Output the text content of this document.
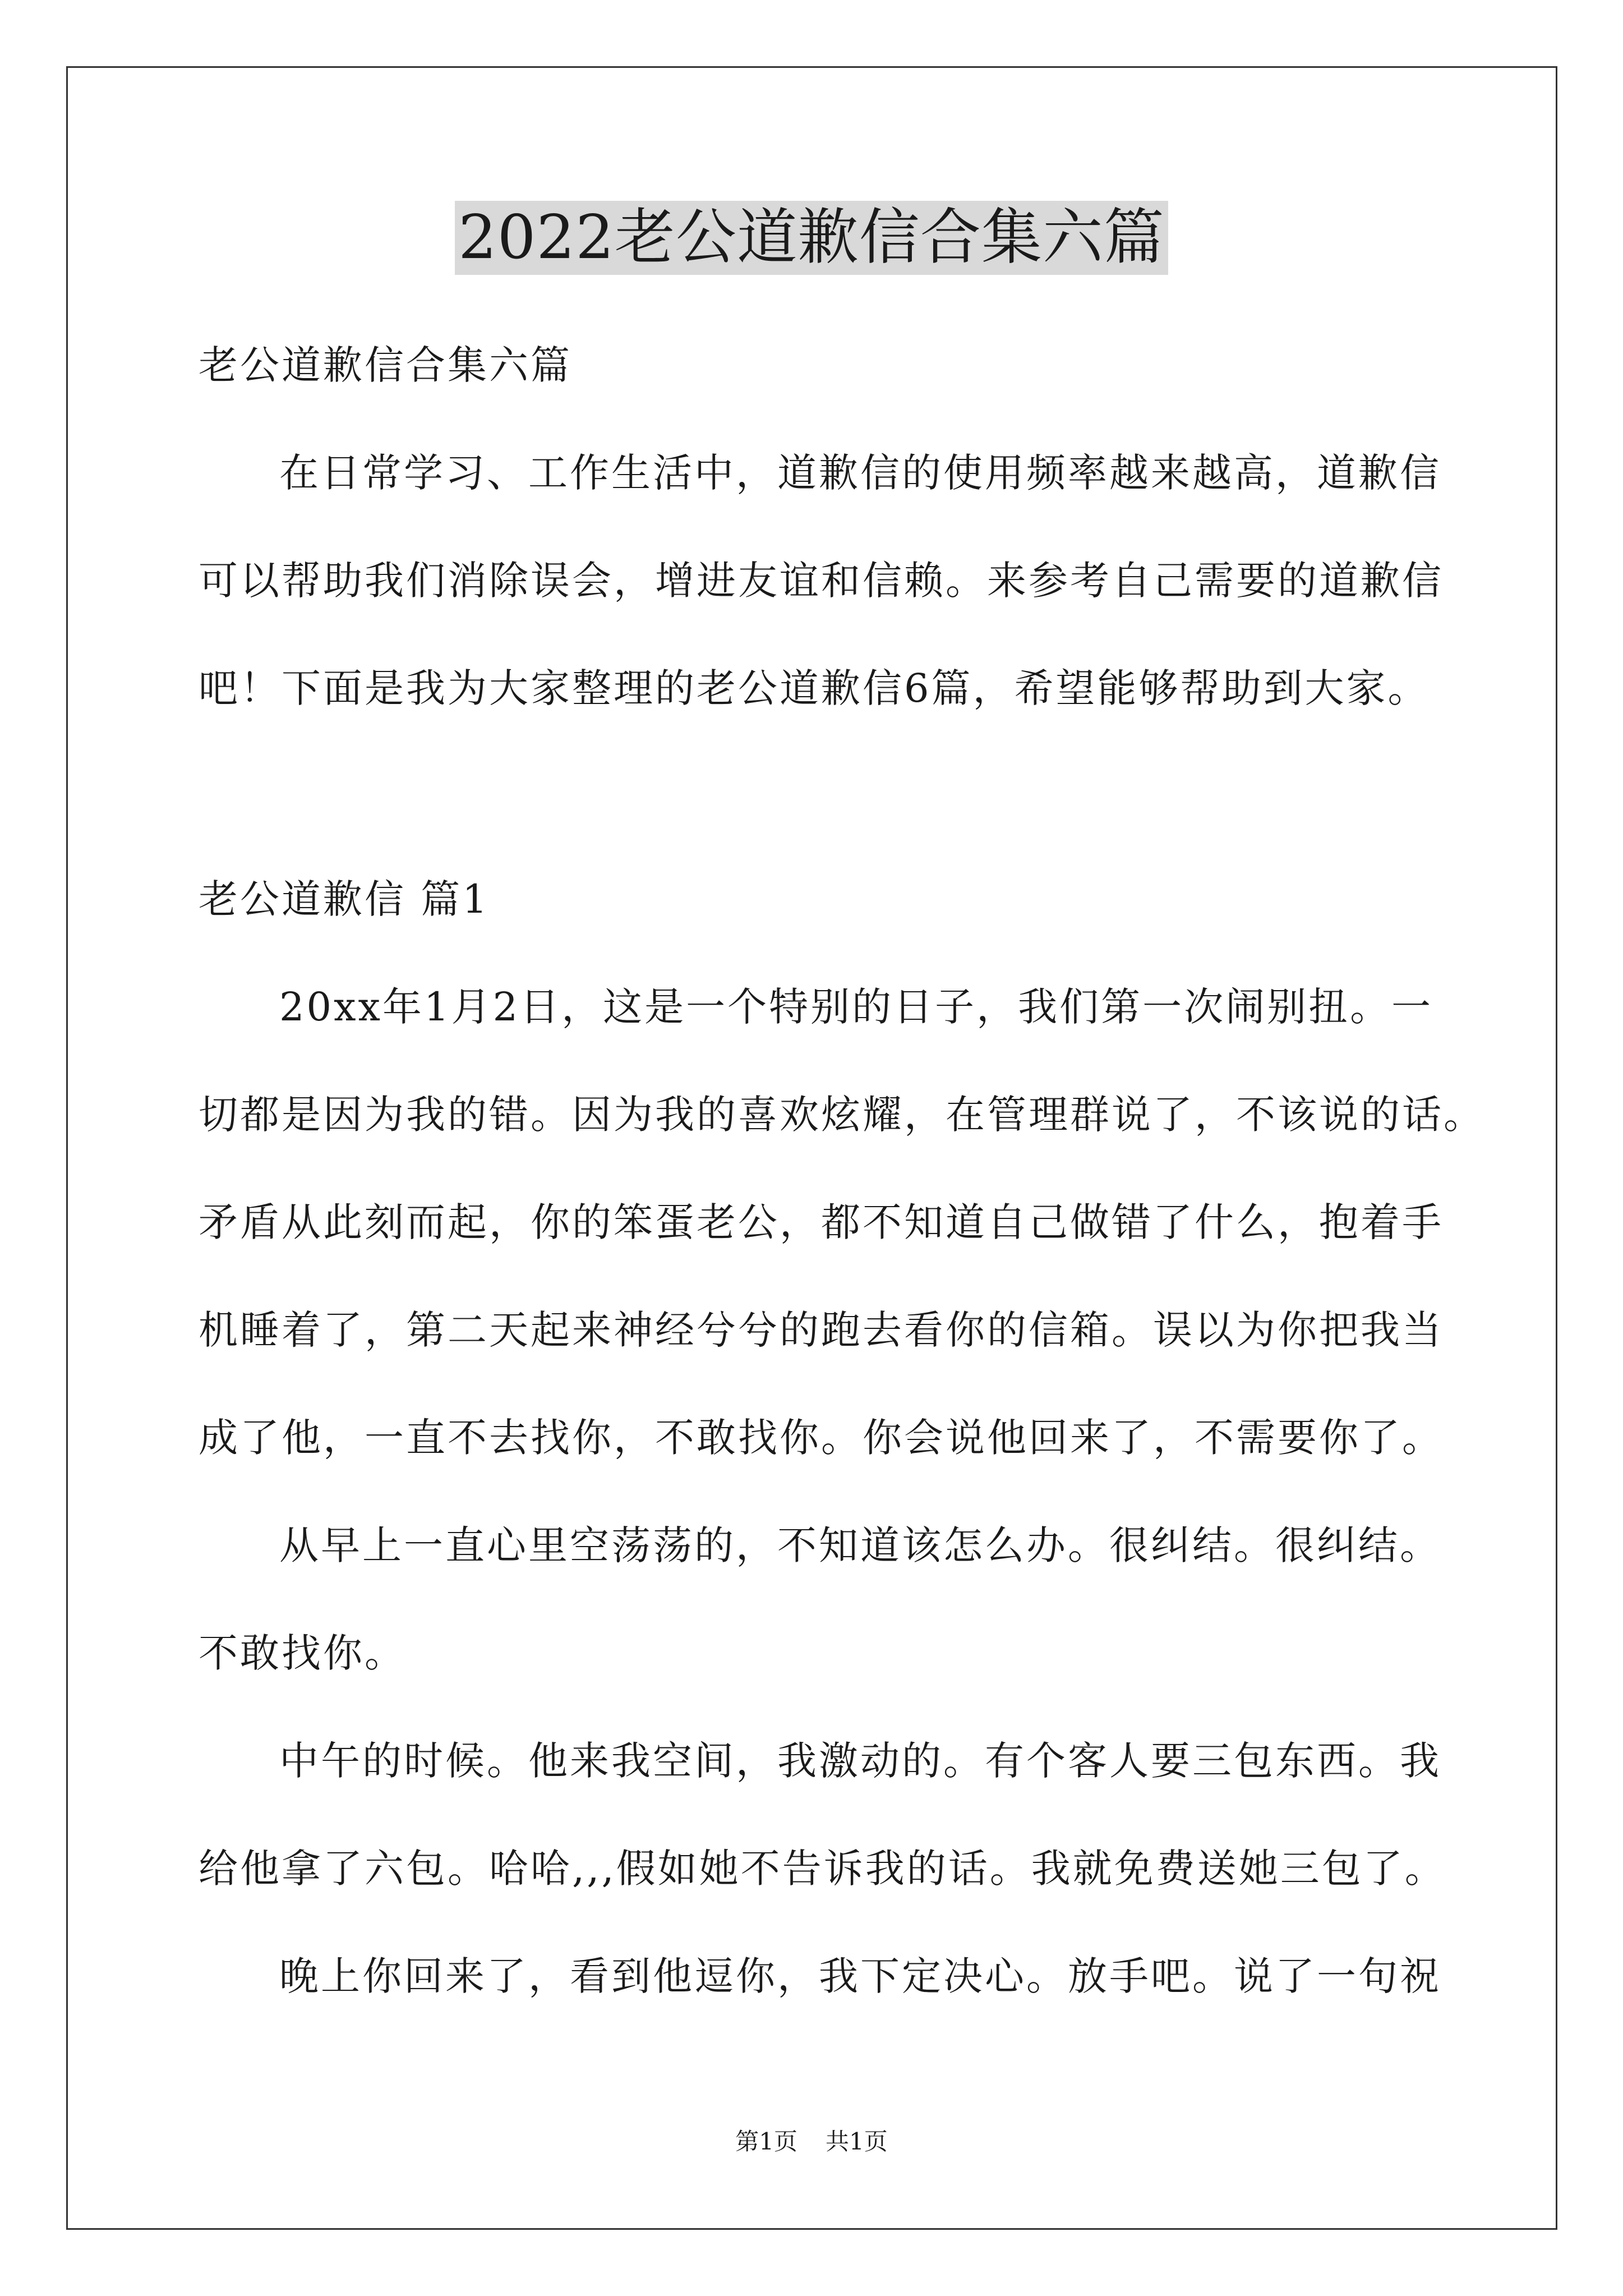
2022老公道歉信合集六篇
老公道歉信合集六篇
在日常学习、工作生活中，道歉信的使用频率越来越高，道歉信
可以帮助我们消除误会，增进友谊和信赖。来参考自己需要的道歉信
吧！下面是我为大家整理的老公道歉信6篇，希望能够帮助到大家。
老公道歉信 篇1
20xx年1月2日，这是一个特别的日子，我们第一次闹别扭。一
切都是因为我的错。因为我的喜欢炫耀，在管理群说了，不该说的话。
矛盾从此刻而起，你的笨蛋老公，都不知道自己做错了什么，抱着手
机睡着了，第二天起来神经兮兮的跑去看你的信箱。误以为你把我当
成了他，一直不去找你，不敢找你。你会说他回来了，不需要你了。
从早上一直心里空荡荡的，不知道该怎么办。很纠结。很纠结。
不敢找你。
中午的时候。他来我空间，我激动的。有个客人要三包东西。我
给他拿了六包。哈哈,,,假如她不告诉我的话。我就免费送她三包了。
晚上你回来了，看到他逗你，我下定决心。放手吧。说了一句祝
第1页 共1页
